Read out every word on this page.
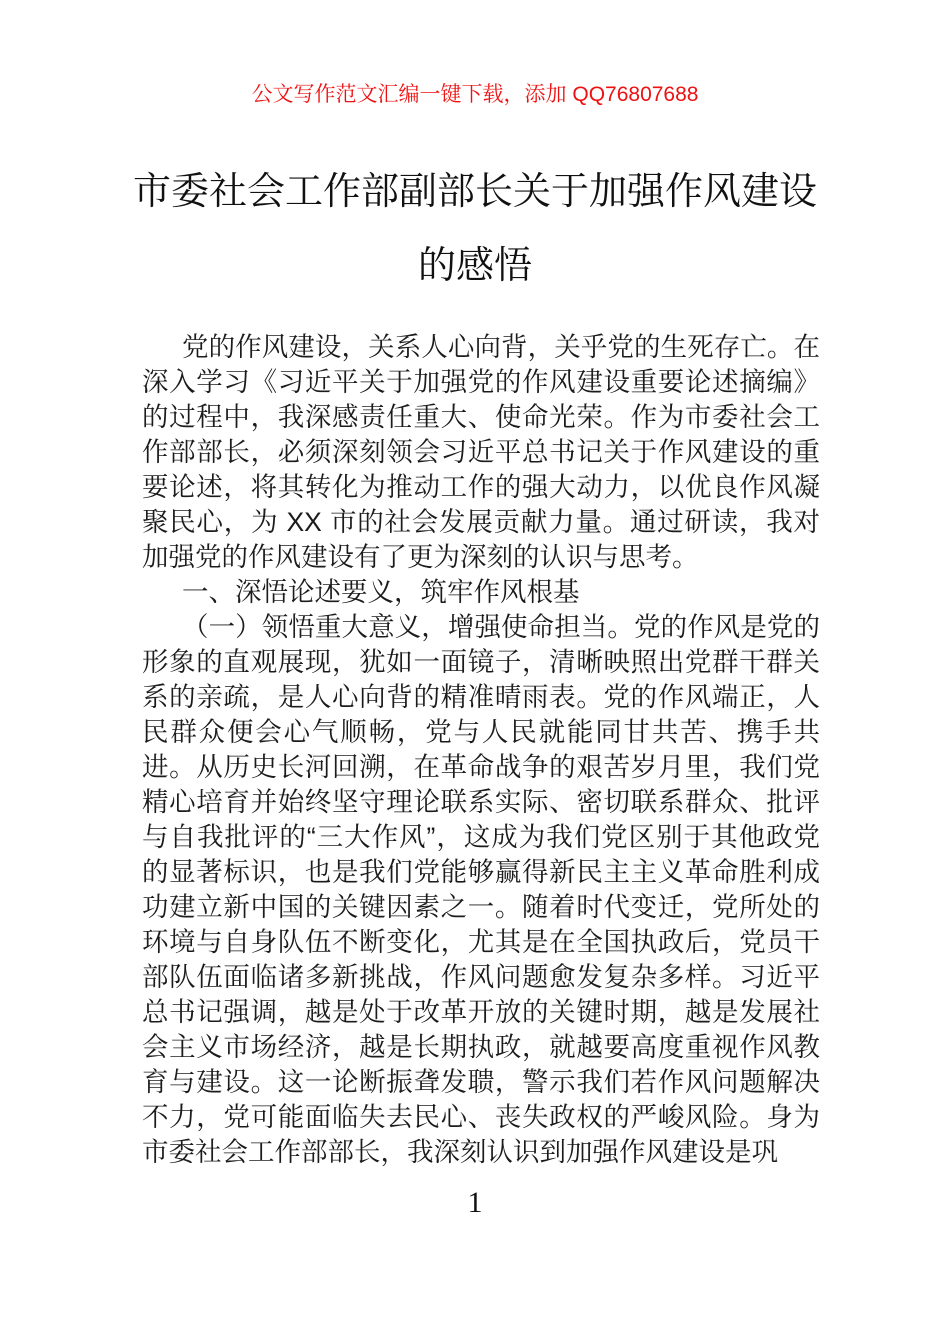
公文写作范文汇编一键下载，添加 QQ76807688
市委社会工作部副部长关于加强作风建设
的感悟

党的作风建设，关系人心向背，关乎党的生死存亡。在深入学习《习近平关于加强党的作风建设重要论述摘编》的过程中，我深感责任重大、使命光荣。作为市委社会工作部部长，必须深刻领会习近平总书记关于作风建设的重要论述，将其转化为推动工作的强大动力，以优良作风凝聚民心，为 XX 市的社会发展贡献力量。通过研读，我对加强党的作风建设有了更为深刻的认识与思考。

一、深悟论述要义，筑牢作风根基

（一）领悟重大意义，增强使命担当。党的作风是党的形象的直观展现，犹如一面镜子，清晰映照出党群干群关系的亲疏，是人心向背的精准晴雨表。党的作风端正，人民群众便会心气顺畅，党与人民就能同甘共苦、携手共进。从历史长河回溯，在革命战争的艰苦岁月里，我们党精心培育并始终坚守理论联系实际、密切联系群众、批评与自我批评的“三大作风”，这成为我们党区别于其他政党的显著标识，也是我们党能够赢得新民主主义革命胜利成功建立新中国的关键因素之一。随着时代变迁，党所处的环境与自身队伍不断变化，尤其是在全国执政后，党员干部队伍面临诸多新挑战，作风问题愈发复杂多样。习近平总书记强调，越是处于改革开放的关键时期，越是发展社会主义市场经济，越是长期执政，就越要高度重视作风教育与建设。这一论断振聋发聩，警示我们若作风问题解决不力，党可能面临失去民心、丧失政权的严峻风险。身为市委社会工作部部长，我深刻认识到加强作风建设是巩

1
